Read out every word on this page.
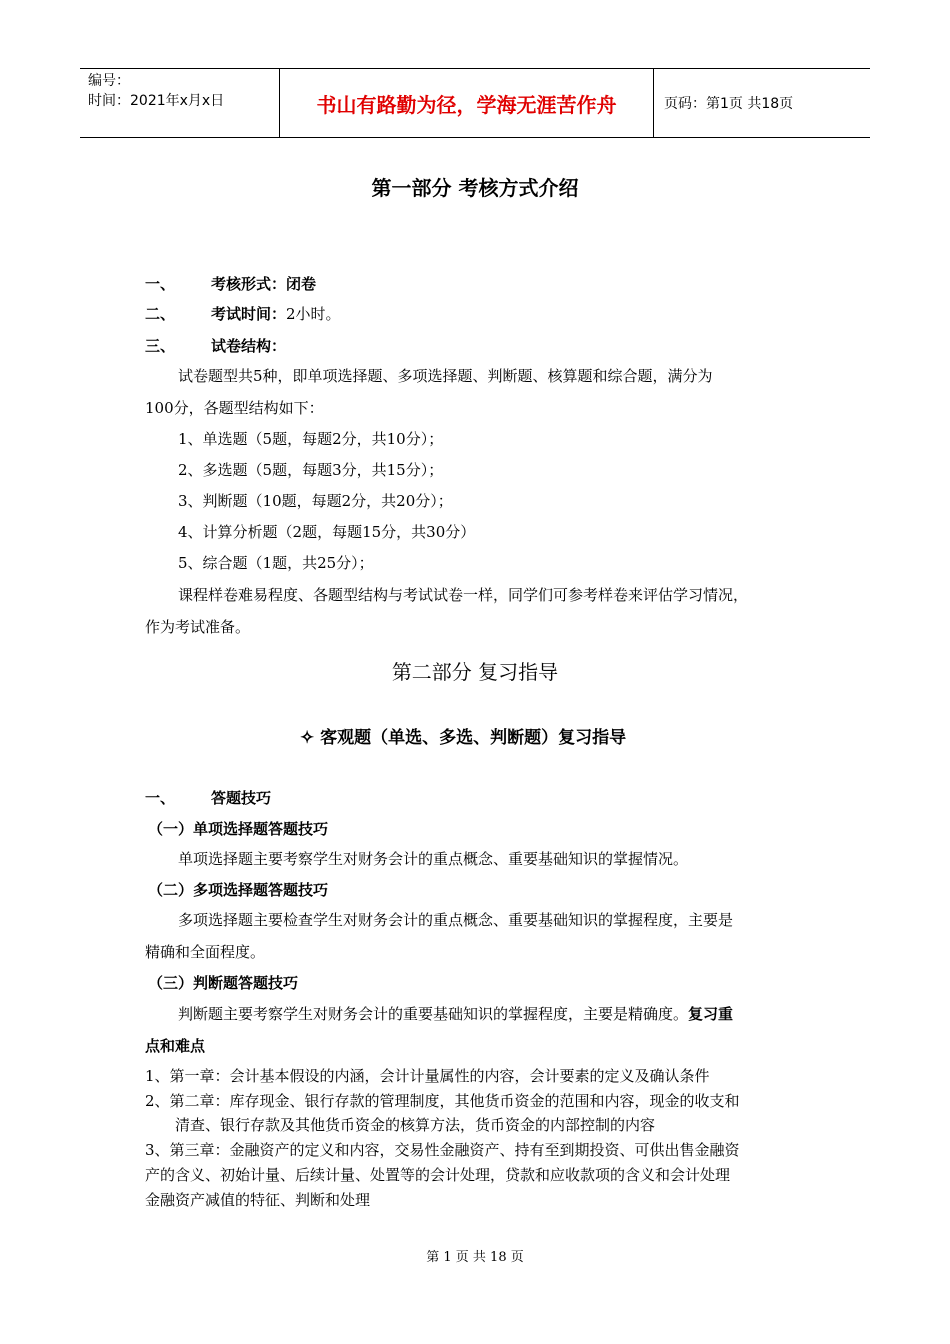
编号：
时间：2021年x月x日	书山有路勤为径，学海无涯苦作舟	页码：第1页 共18页
第一部分 考核方式介绍
一、 考核形式：闭卷
二、 考试时间：2小时。
三、 试卷结构：
试卷题型共5种，即单项选择题、多项选择题、判断题、核算题和综合题，满分为
100分，各题型结构如下：
1、单选题（5题，每题2分，共10分）；
2、多选题（5题，每题3分，共15分）；
3、判断题（10题，每题2分，共20分）；
4、计算分析题（2题，每题15分，共30分）
5、综合题（1题，共25分）；
课程样卷难易程度、各题型结构与考试试卷一样，同学们可参考样卷来评估学习情况，
作为考试准备。
第二部分 复习指导
✧ 客观题（单选、多选、判断题）复习指导
一、 答题技巧
（一）单项选择题答题技巧
单项选择题主要考察学生对财务会计的重点概念、重要基础知识的掌握情况。
（二）多项选择题答题技巧
多项选择题主要检查学生对财务会计的重点概念、重要基础知识的掌握程度，主要是
精确和全面程度。
（三）判断题答题技巧
判断题主要考察学生对财务会计的重要基础知识的掌握程度，主要是精确度。复习重
点和难点
1、第一章：会计基本假设的内涵，会计计量属性的内容，会计要素的定义及确认条件
2、第二章：库存现金、银行存款的管理制度，其他货币资金的范围和内容，现金的收支和
清查、银行存款及其他货币资金的核算方法，货币资金的内部控制的内容
3、第三章：金融资产的定义和内容，交易性金融资产、持有至到期投资、可供出售金融资
产的含义、初始计量、后续计量、处置等的会计处理，贷款和应收款项的含义和会计处理
金融资产减值的特征、判断和处理
第 1 页 共 18 页
